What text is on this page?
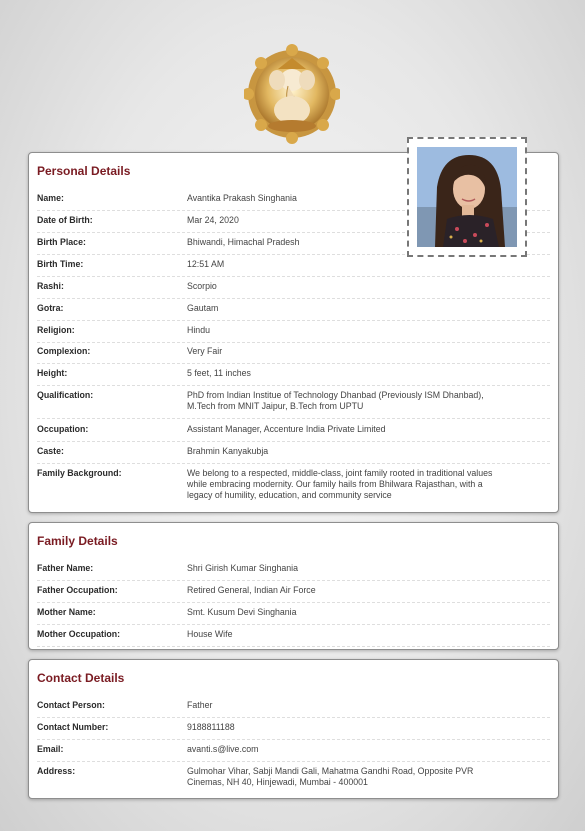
Personal Details
Name:	Avantika Prakash Singhania
Date of Birth:	Mar 24, 2020
Birth Place:	Bhiwandi, Himachal Pradesh
Birth Time:	12:51 AM
Rashi:	Scorpio
Gotra:	Gautam
Religion:	Hindu
Complexion:	Very Fair
Height:	5 feet, 11 inches
Qualification:	PhD from Indian Institue of Technology Dhanbad (Previously ISM Dhanbad), M.Tech from MNIT Jaipur, B.Tech from UPTU
Occupation:	Assistant Manager, Accenture India Private Limited
Caste:	Brahmin Kanyakubja
Family Background:	We belong to a respected, middle-class, joint family rooted in traditional values while embracing modernity. Our family hails from Bhilwara Rajasthan, with a legacy of humility, education, and community service
Family Details
Father Name:	Shri Girish Kumar Singhania
Father Occupation:	Retired General, Indian Air Force
Mother Name:	Smt. Kusum Devi Singhania
Mother Occupation:	House Wife
Contact Details
Contact Person:	Father
Contact Number:	9188811188
Email:	avanti.s@live.com
Address:	Gulmohar Vihar, Sabji Mandi Gali, Mahatma Gandhi Road, Opposite PVR Cinemas, NH 40, Hinjewadi, Mumbai - 400001
